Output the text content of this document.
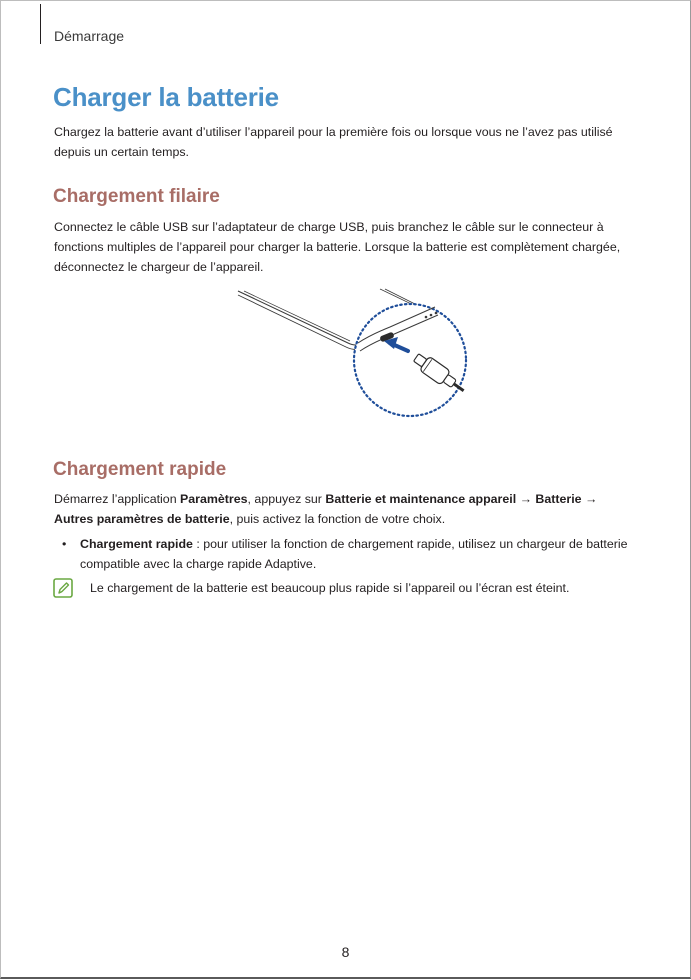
Démarrage
Charger la batterie

Chargez la batterie avant d’utiliser l’appareil pour la première fois ou lorsque vous ne l’avez pas utilisé depuis un certain temps.

Chargement filaire

Connectez le câble USB sur l’adaptateur de charge USB, puis branchez le câble sur le connecteur à fonctions multiples de l’appareil pour charger la batterie. Lorsque la batterie est complètement chargée, déconnectez le chargeur de l’appareil.

Chargement rapide

Démarrez l’application Paramètres, appuyez sur Batterie et maintenance appareil → Batterie → Autres paramètres de batterie, puis activez la fonction de votre choix.

• Chargement rapide : pour utiliser la fonction de chargement rapide, utilisez un chargeur de batterie compatible avec la charge rapide Adaptive.

Le chargement de la batterie est beaucoup plus rapide si l’appareil ou l’écran est éteint.

8
